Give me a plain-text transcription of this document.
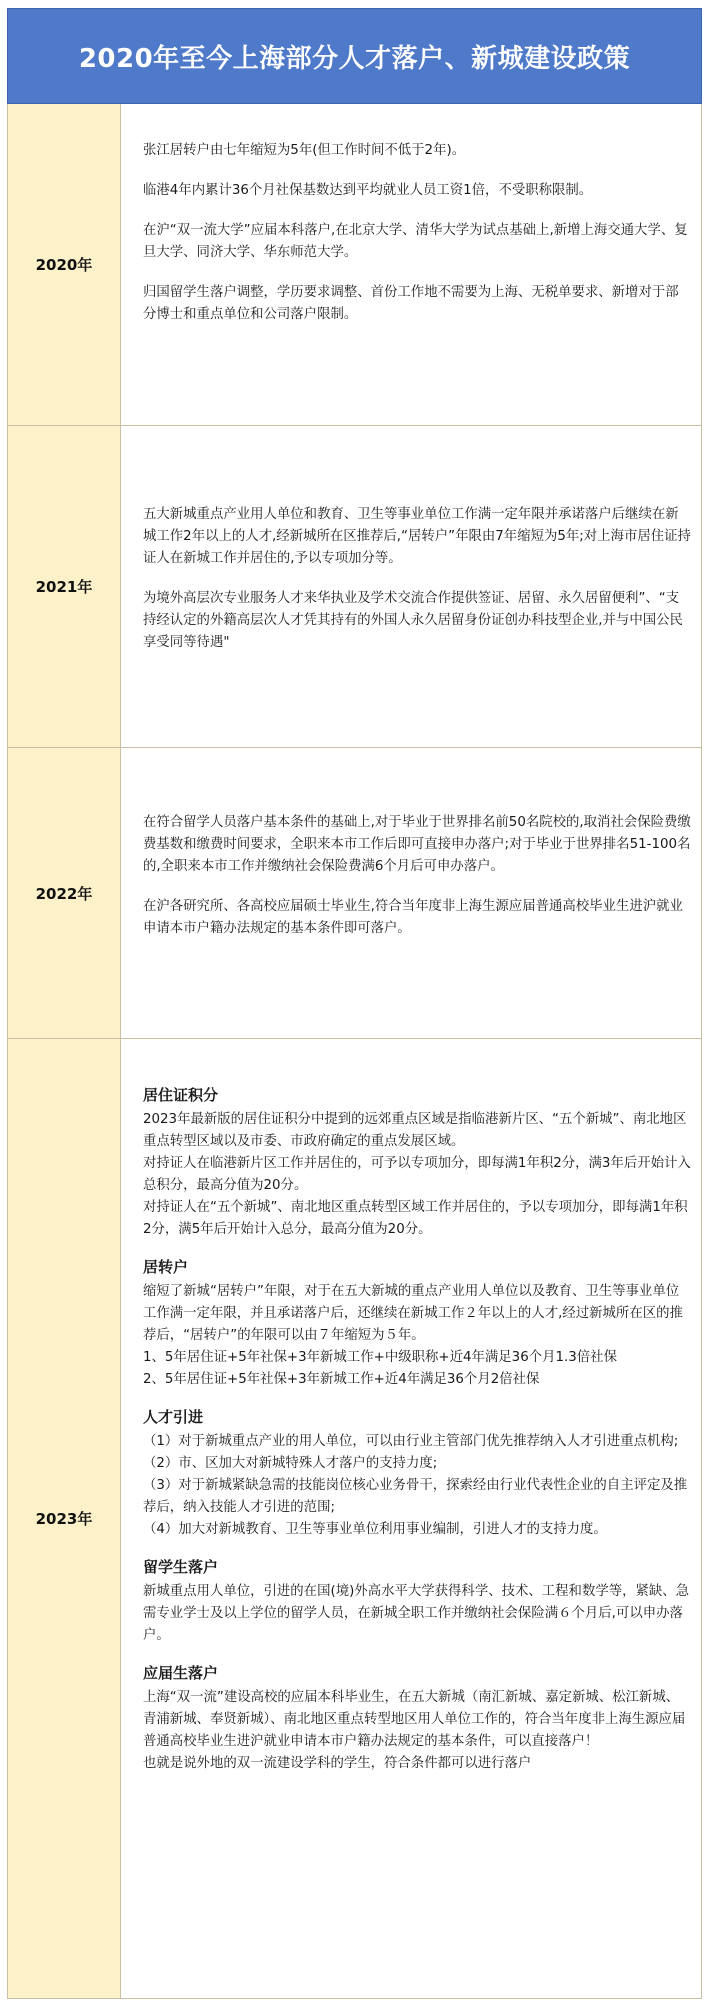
2020年至今上海部分人才落户、新城建设政策
2020年

张江居转户由七年缩短为5年(但工作时间不低于2年)。

临港4年内累计36个月社保基数达到平均就业人员工资1倍，不受职称限制。

在沪“双一流大学”应届本科落户,在北京大学、清华大学为试点基础上,新增上海交通大学、复旦大学、同济大学、华东师范大学。

归国留学生落户调整，学历要求调整、首份工作地不需要为上海、无税单要求、新增对于部分博士和重点单位和公司落户限制。

2021年

五大新城重点产业用人单位和教育、卫生等事业单位工作满一定年限并承诺落户后继续在新城工作2年以上的人才,经新城所在区推荐后,“居转户”年限由7年缩短为5年;对上海市居住证持证人在新城工作并居住的,予以专项加分等。

为境外高层次专业服务人才来华执业及学术交流合作提供签证、居留、永久居留便利”、“支持经认定的外籍高层次人才凭其持有的外国人永久居留身份证创办科技型企业,并与中国公民享受同等待遇"

2022年

在符合留学人员落户基本条件的基础上,对于毕业于世界排名前50名院校的,取消社会保险费缴费基数和缴费时间要求，全职来本市工作后即可直接申办落户;对于毕业于世界排名51-100名的,全职来本市工作并缴纳社会保险费满6个月后可申办落户。

在沪各研究所、各高校应届硕士毕业生,符合当年度非上海生源应届普通高校毕业生进沪就业申请本市户籍办法规定的基本条件即可落户。

2023年

居住证积分

2023年最新版的居住证积分中提到的远郊重点区域是指临港新片区、“五个新城”、南北地区重点转型区域以及市委、市政府确定的重点发展区域。

对持证人在临港新片区工作并居住的，可予以专项加分，即每满1年积2分，满3年后开始计入总积分，最高分值为20分。

对持证人在“五个新城”、南北地区重点转型区域工作并居住的，予以专项加分，即每满1年积2分，满5年后开始计入总分，最高分值为20分。

居转户

缩短了新城“居转户”年限，对于在五大新城的重点产业用人单位以及教育、卫生等事业单位工作满一定年限，并且承诺落户后，还继续在新城工作２年以上的人才,经过新城所在区的推荐后，“居转户”的年限可以由７年缩短为５年。

1、5年居住证+5年社保+3年新城工作+中级职称+近4年满足36个月1.3倍社保

2、5年居住证+5年社保+3年新城工作+近4年满足36个月2倍社保

人才引进

（1）对于新城重点产业的用人单位，可以由行业主管部门优先推荐纳入人才引进重点机构;

（2）市、区加大对新城特殊人才落户的支持力度;

（3）对于新城紧缺急需的技能岗位核心业务骨干，探索经由行业代表性企业的自主评定及推荐后，纳入技能人才引进的范围;

（4）加大对新城教育、卫生等事业单位利用事业编制，引进人才的支持力度。

留学生落户

新城重点用人单位，引进的在国(境)外高水平大学获得科学、技术、工程和数学等，紧缺、急需专业学士及以上学位的留学人员，在新城全职工作并缴纳社会保险满６个月后,可以申办落户。

应届生落户

上海“双一流”建设高校的应届本科毕业生，在五大新城（南汇新城、嘉定新城、松江新城、青浦新城、奉贤新城）、南北地区重点转型地区用人单位工作的，符合当年度非上海生源应届普通高校毕业生进沪就业申请本市户籍办法规定的基本条件，可以直接落户！

也就是说外地的双一流建设学科的学生，符合条件都可以进行落户
